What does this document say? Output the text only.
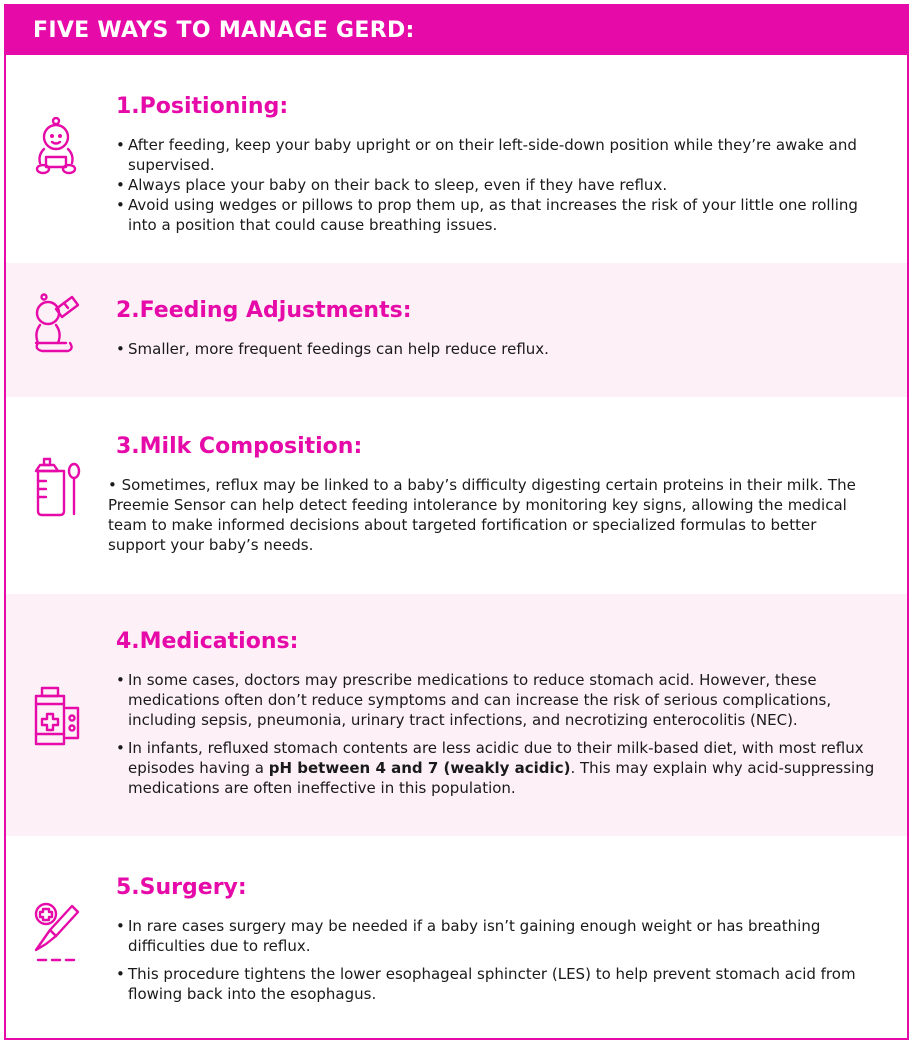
FIVE WAYS TO MANAGE GERD:
1.Positioning:
• After feeding, keep your baby upright or on their left-side-down position while they’re awake and supervised.
• Always place your baby on their back to sleep, even if they have reflux.
• Avoid using wedges or pillows to prop them up, as that increases the risk of your little one rolling into a position that could cause breathing issues.
2.Feeding Adjustments:
• Smaller, more frequent feedings can help reduce reflux.
3.Milk Composition:

• Sometimes, reflux may be linked to a baby’s difficulty digesting certain proteins in their milk. The Preemie Sensor can help detect feeding intolerance by monitoring key signs, allowing the medical team to make informed decisions about targeted fortification or specialized formulas to better support your baby’s needs.

4.Medications:
• In some cases, doctors may prescribe medications to reduce stomach acid. However, these medications often don’t reduce symptoms and can increase the risk of serious complications, including sepsis, pneumonia, urinary tract infections, and necrotizing enterocolitis (NEC).
• In infants, refluxed stomach contents are less acidic due to their milk-based diet, with most reflux episodes having a pH between 4 and 7 (weakly acidic). This may explain why acid-suppressing medications are often ineffective in this population.
5.Surgery:
• In rare cases surgery may be needed if a baby isn’t gaining enough weight or has breathing difficulties due to reflux.
• This procedure tightens the lower esophageal sphincter (LES) to help prevent stomach acid from flowing back into the esophagus.
